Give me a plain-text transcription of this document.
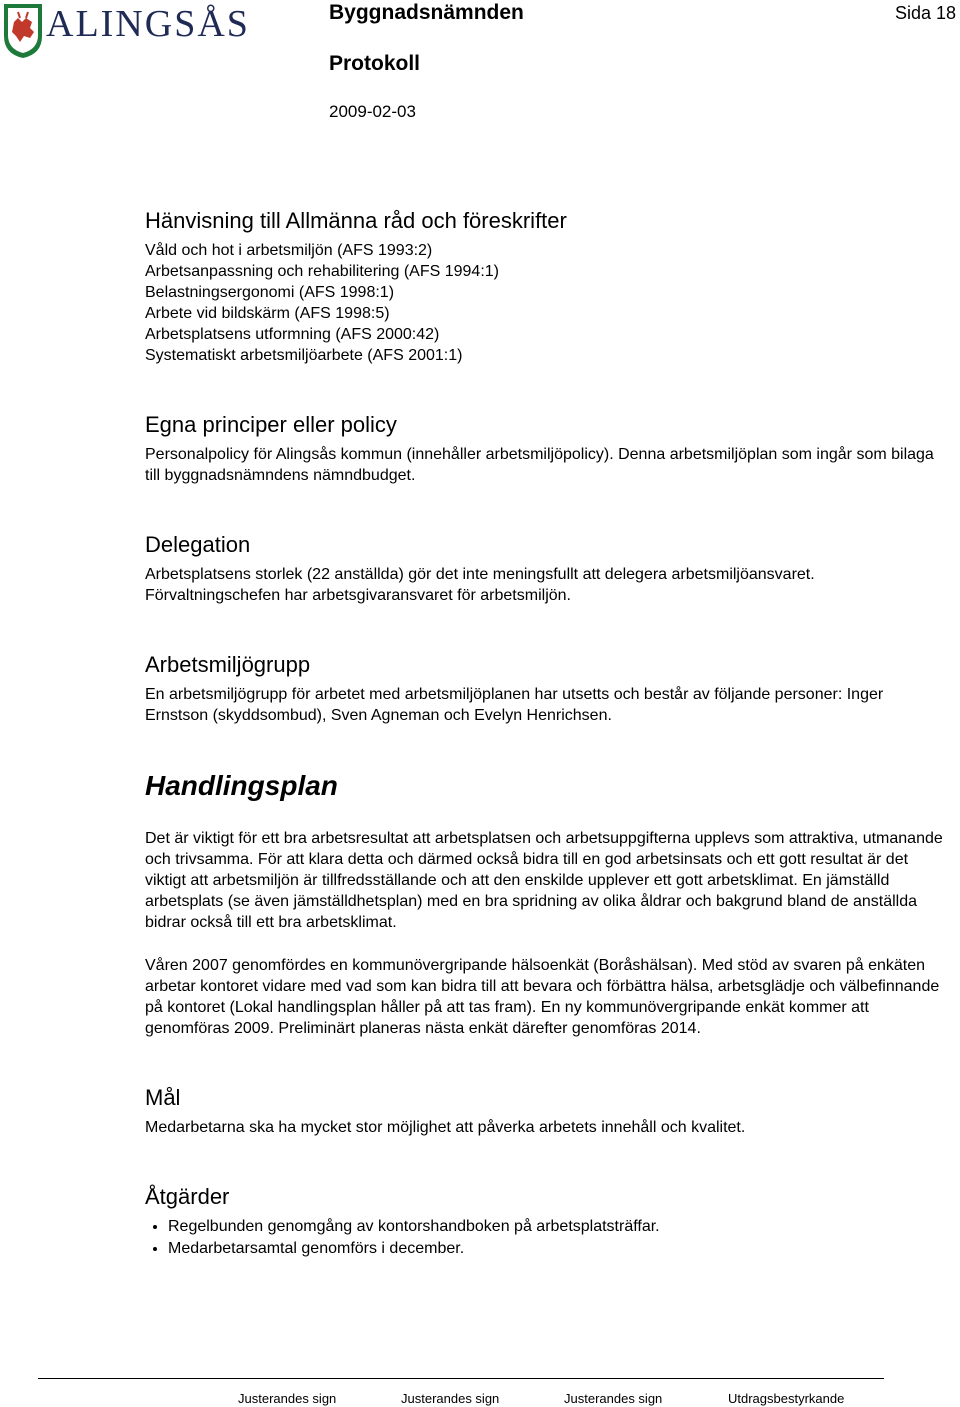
ALINGSÅS	Byggnadsnämnden	Sida 18
Protokoll
2009-02-03
Hänvisning till Allmänna råd och föreskrifter
Våld och hot i arbetsmiljön (AFS 1993:2)
Arbetsanpassning och rehabilitering (AFS 1994:1)
Belastningsergonomi (AFS 1998:1)
Arbete vid bildskärm (AFS 1998:5)
Arbetsplatsens utformning (AFS 2000:42)
Systematiskt arbetsmiljöarbete (AFS 2001:1)
Egna principer eller policy

Personalpolicy för Alingsås kommun (innehåller arbetsmiljöpolicy). Denna arbetsmiljöplan som ingår som bilaga till byggnadsnämndens nämndbudget.

Delegation

Arbetsplatsens storlek (22 anställda) gör det inte meningsfullt att delegera arbetsmiljöansvaret. Förvaltningschefen har arbetsgivaransvaret för arbetsmiljön.

Arbetsmiljögrupp

En arbetsmiljögrupp för arbetet med arbetsmiljöplanen har utsetts och består av följande personer: Inger Ernstson (skyddsombud), Sven Agneman och Evelyn Henrichsen.

Handlingsplan

Det är viktigt för ett bra arbetsresultat att arbetsplatsen och arbetsuppgifterna upplevs som attraktiva, utmanande och trivsamma. För att klara detta och därmed också bidra till en god arbetsinsats och ett gott resultat är det viktigt att arbetsmiljön är tillfredsställande och att den enskilde upplever ett gott arbetsklimat. En jämställd arbetsplats (se även jämställdhetsplan) med en bra spridning av olika åldrar och bakgrund bland de anställda bidrar också till ett bra arbetsklimat.

Våren 2007 genomfördes en kommunövergripande hälsoenkät (Boråshälsan). Med stöd av svaren på enkäten arbetar kontoret vidare med vad som kan bidra till att bevara och förbättra hälsa, arbetsglädje och välbefinnande på kontoret (Lokal handlingsplan håller på att tas fram). En ny kommunövergripande enkät kommer att genomföras 2009. Preliminärt planeras nästa enkät därefter genomföras 2014.

Mål

Medarbetarna ska ha mycket stor möjlighet att påverka arbetets innehåll och kvalitet.

Åtgärder
• Regelbunden genomgång av kontorshandboken på arbetsplatsträffar.
• Medarbetarsamtal genomförs i december.
Justerandes sign	Justerandes sign	Justerandes sign	Utdragsbestyrkande
